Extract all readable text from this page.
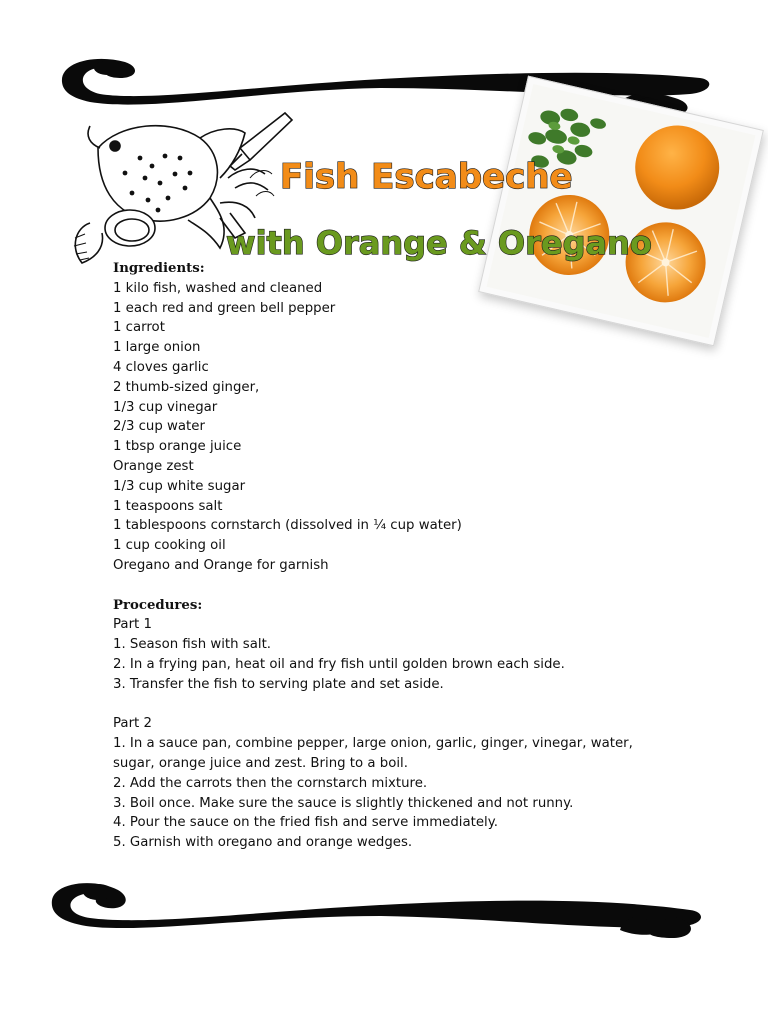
Fish Escabeche
with Orange & Oregano

Ingredients:

1 kilo fish, washed and cleaned
1 each red and green bell pepper
1 carrot
1 large onion
4 cloves garlic
2 thumb-sized ginger,
1/3 cup vinegar
2/3 cup water
1 tbsp orange juice
Orange zest
1/3 cup white sugar
1 teaspoons salt
1 tablespoons cornstarch (dissolved in ¼ cup water)
1 cup cooking oil
Oregano and Orange for garnish

Procedures:

Part 1

1. Season fish with salt.
2. In a frying pan, heat oil and fry fish until golden brown each side.
3. Transfer the fish to serving plate and set aside.

Part 2

1. In a sauce pan, combine pepper, large onion, garlic, ginger, vinegar, water, sugar, orange juice and zest. Bring to a boil.
2. Add the carrots then the cornstarch mixture.
3. Boil once. Make sure the sauce is slightly thickened and not runny.
4. Pour the sauce on the fried fish and serve immediately.
5. Garnish with oregano and orange wedges.
